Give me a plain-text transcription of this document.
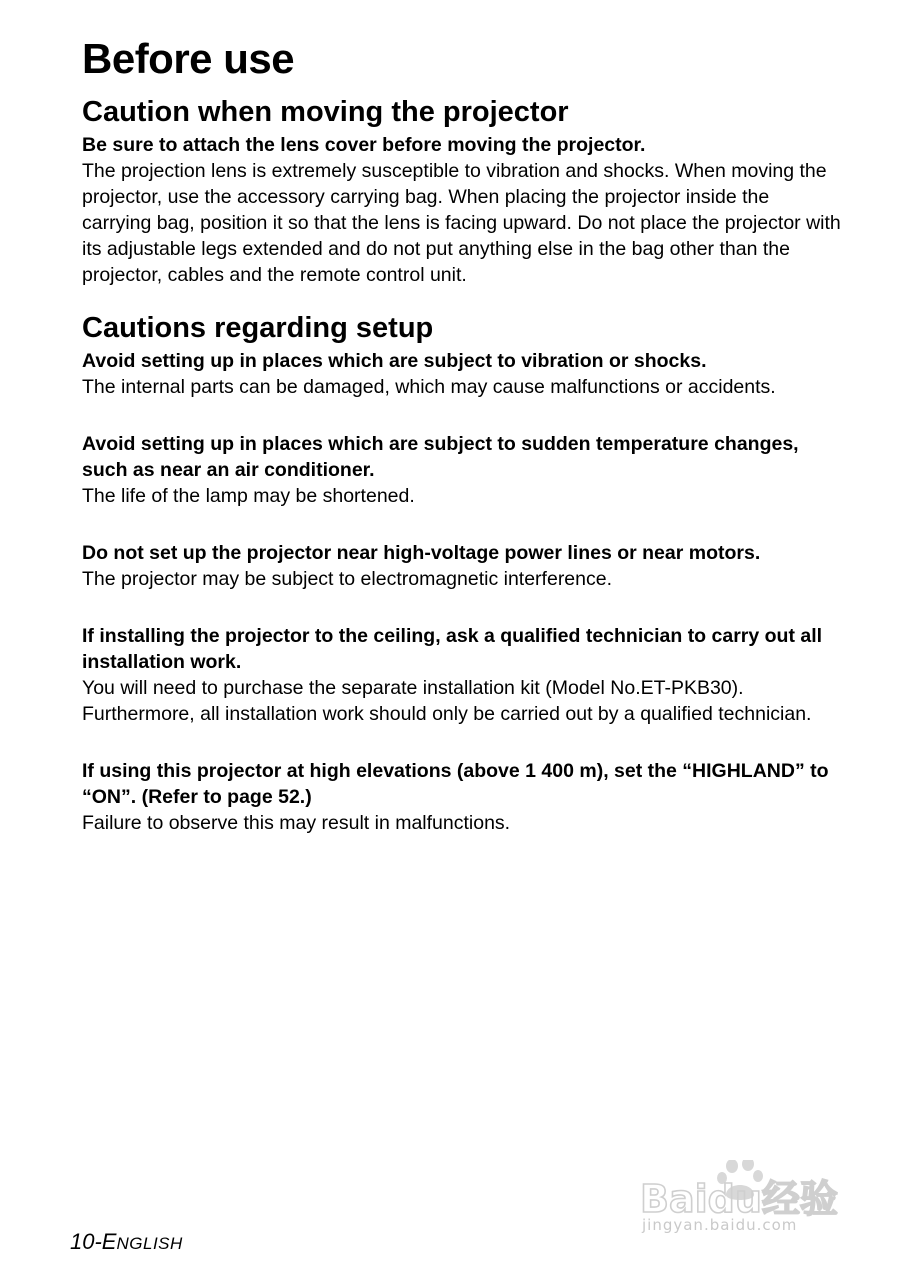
Before use
Caution when moving the projector

Be sure to attach the lens cover before moving the projector.

The projection lens is extremely susceptible to vibration and shocks. When moving the projector, use the accessory carrying bag. When placing the projector inside the carrying bag, position it so that the lens is facing upward. Do not place the projector with its adjustable legs extended and do not put anything else in the bag other than the projector, cables and the remote control unit.

Cautions regarding setup

Avoid setting up in places which are subject to vibration or shocks.

The internal parts can be damaged, which may cause malfunctions or accidents.

Avoid setting up in places which are subject to sudden temperature changes, such as near an air conditioner.

The life of the lamp may be shortened.

Do not set up the projector near high-voltage power lines or near motors.

The projector may be subject to electromagnetic interference.

If installing the projector to the ceiling, ask a qualified technician to carry out all installation work.

You will need to purchase the separate installation kit (Model No.ET-PKB30). Furthermore, all installation work should only be carried out by a qualified technician.

If using this projector at high elevations (above 1 400 m), set the “HIGHLAND” to “ON”. (Refer to page 52.)

Failure to observe this may result in malfunctions.

10-ENGLISH
Baidu经验
jingyan.baidu.com
